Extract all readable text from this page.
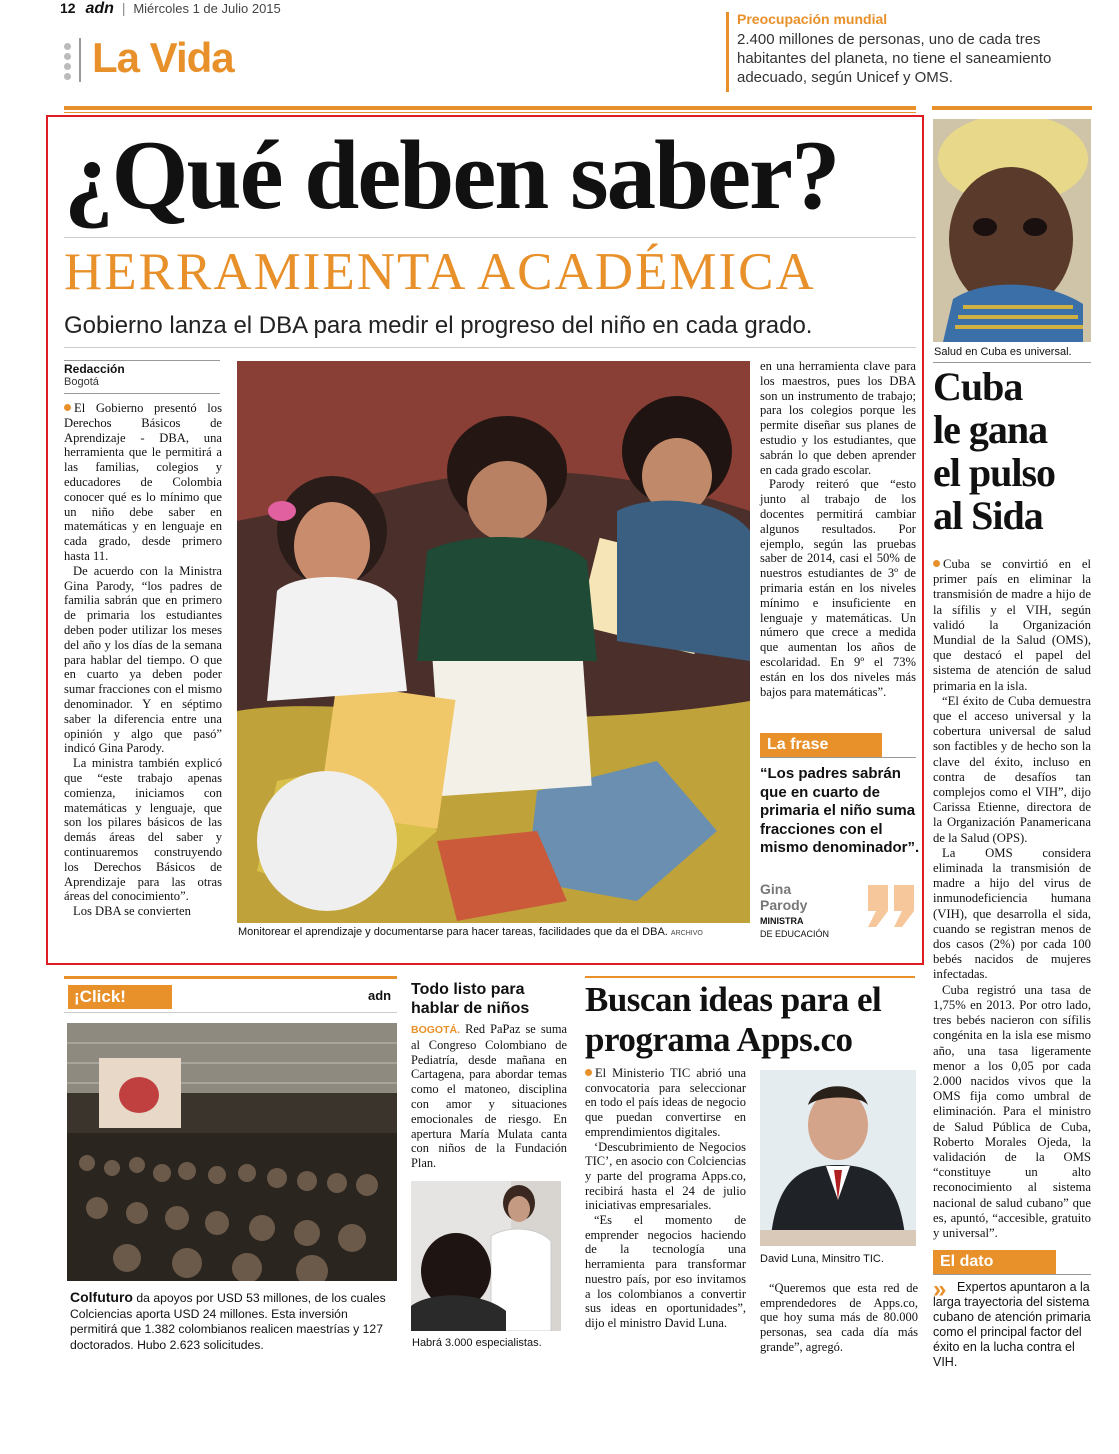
12 adn | Miércoles 1 de Julio 2015
La Vida
Preocupación mundial
2.400 millones de personas, uno de cada tres habitantes del planeta, no tiene el saneamiento adecuado, según Unicef y OMS.
¿Qué deben saber?
HERRAMIENTA ACADÉMICA
Gobierno lanza el DBA para medir el progreso del niño en cada grado.
Redacción
Bogotá

El Gobierno presentó los Derechos Básicos de Aprendizaje - DBA, una herramienta que le permitirá a las familias, colegios y educadores de Colombia conocer qué es lo mínimo que un niño debe saber en matemáticas y en lenguaje en cada grado, desde primero hasta 11.

De acuerdo con la Ministra Gina Parody, “los padres de familia sabrán que en primero de primaria los estudiantes deben poder utilizar los meses del año y los días de la semana para hablar del tiempo. O que en cuarto ya deben poder sumar fracciones con el mismo denominador. Y en séptimo saber la diferencia entre una opinión y algo que pasó” indicó Gina Parody.

La ministra también explicó que “este trabajo apenas comienza, iniciamos con matemáticas y lenguaje, que son los pilares básicos de las demás áreas del saber y continuaremos construyendo los Derechos Básicos de Aprendizaje para las otras áreas del conocimiento”.

Los DBA se convierten

Monitorear el aprendizaje y documentarse para hacer tareas, facilidades que da el DBA. ARCHIVO

en una herramienta clave para los maestros, pues los DBA son un instrumento de trabajo; para los colegios porque les permite diseñar sus planes de estudio y los estudiantes, que sabrán lo que deben aprender en cada grado escolar.

Parody reiteró que “esto junto al trabajo de los docentes permitirá cambiar algunos resultados. Por ejemplo, según las pruebas saber de 2014, casi el 50% de nuestros estudiantes de 3º de primaria están en los niveles mínimo e insuficiente en lenguaje y matemáticas. Un número que crece a medida que aumentan los años de escolaridad. En 9º el 73% están en los dos niveles más bajos para matemáticas”.

La frase
“Los padres sabrán que en cuarto de primaria el niño suma fracciones con el mismo denominador”.
Gina
Parody
MINISTRA
DE EDUCACIÓN
Salud en Cuba es universal.
Cuba
le gana
el pulso
al Sida

Cuba se convirtió en el primer país en eliminar la transmisión de madre a hijo de la sífilis y el VIH, según validó la Organización Mundial de la Salud (OMS), que destacó el papel del sistema de atención de salud primaria en la isla.

“El éxito de Cuba demuestra que el acceso universal y la cobertura universal de salud son factibles y de hecho son la clave del éxito, incluso en contra de desafíos tan complejos como el VIH”, dijo Carissa Etienne, directora de la Organización Panamericana de la Salud (OPS).

La OMS considera eliminada la transmisión de madre a hijo del virus de inmunodeficiencia humana (VIH), que desarrolla el sida, cuando se registran menos de dos casos (2%) por cada 100 bebés nacidos de mujeres infectadas.

Cuba registró una tasa de 1,75% en 2013. Por otro lado, tres bebés nacieron con sífilis congénita en la isla ese mismo año, una tasa ligeramente menor a los 0,05 por cada 2.000 nacidos vivos que la OMS fija como umbral de eliminación. Para el ministro de Salud Pública de Cuba, Roberto Morales Ojeda, la validación de la OMS “constituye un alto reconocimiento al sistema nacional de salud cubano” que es, apuntó, “accesible, gratuito y universal”.

El dato
» Expertos apuntaron a la larga trayectoria del sistema cubano de atención primaria como el principal factor del éxito en la lucha contra el VIH.
¡Click!	adn
Colfuturo da apoyos por USD 53 millones, de los cuales Colciencias aporta USD 24 millones. Esta inversión permitirá que 1.382 colombianos realicen maestrías y 127 doctorados. Hubo 2.623 solicitudes.
Todo listo para hablar de niños
BOGOTÁ. Red PaPaz se suma al Congreso Colombiano de Pediatría, desde mañana en Cartagena, para abordar temas como el matoneo, disciplina con amor y situaciones emocionales de riesgo. En apertura María Mulata canta con niños de la Fundación Plan.
Habrá 3.000 especialistas.
Buscan ideas para el programa Apps.co

El Ministerio TIC abrió una convocatoria para seleccionar en todo el país ideas de negocio que puedan convertirse en emprendimientos digitales.

‘Descubrimiento de Negocios TIC’, en asocio con Colciencias y parte del programa Apps.co, recibirá hasta el 24 de julio iniciativas empresariales.

“Es el momento de emprender negocios haciendo de la tecnología una herramienta para transformar nuestro país, por eso invitamos a los colombianos a convertir sus ideas en oportunidades”, dijo el ministro David Luna.

David Luna, Minsitro TIC.
“Queremos que esta red de emprendedores de Apps.co, que hoy suma más de 80.000 personas, sea cada día más grande”, agregó.
